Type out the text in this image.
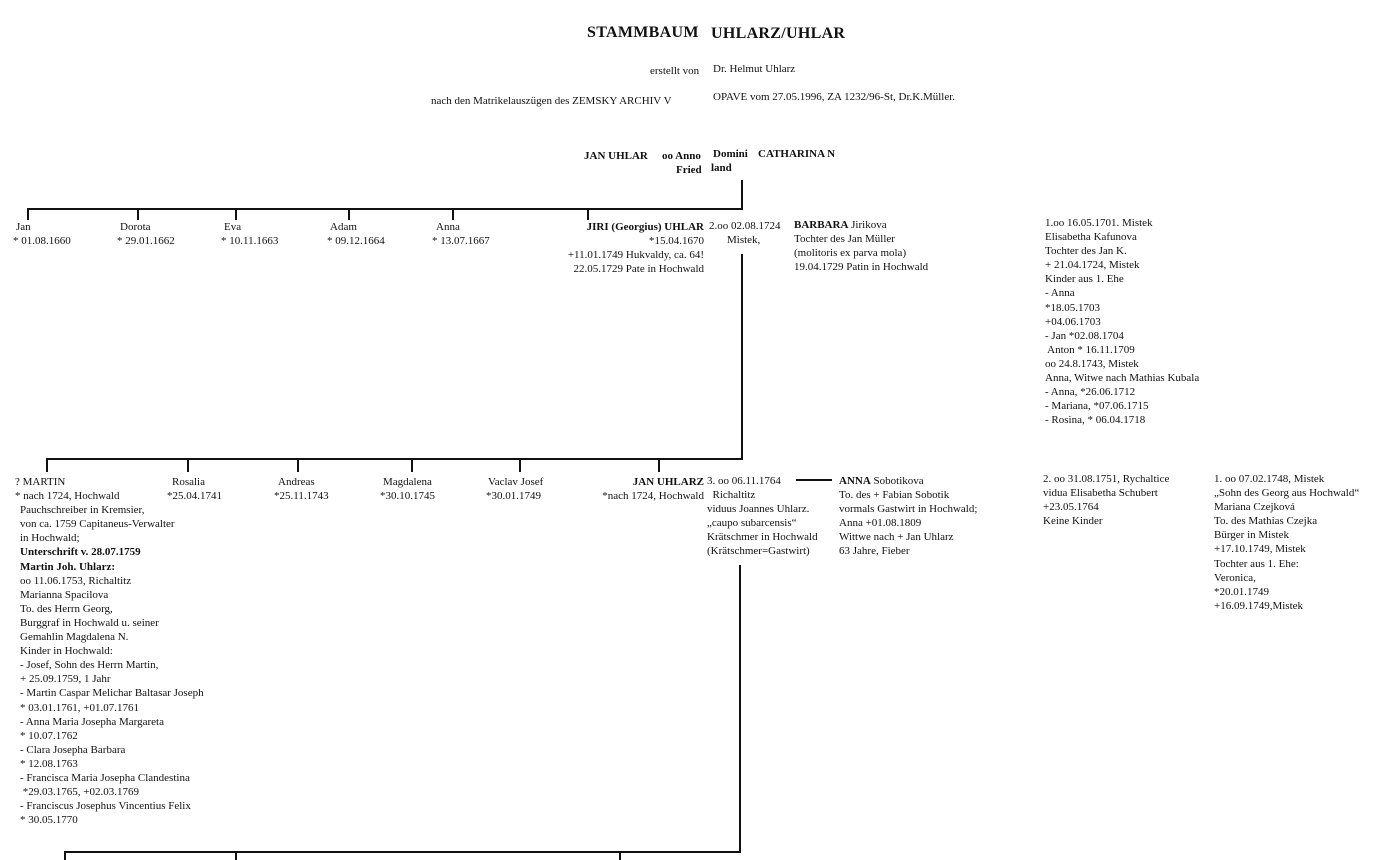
STAMMBAUM UHLARZ/UHLAR
erstellt von Dr. Helmut Uhlarz
nach den Matrikelauszügen des ZEMSKY ARCHIV V	OPAVE vom 27.05.1996, ZA 1232/96-St, Dr.K.Müller.
JAN UHLAR oo Anno Domini CATHARINA N
Fried land
Jan
* 01.08.1660
Dorota
* 29.01.1662
Eva
* 10.11.1663
Adam
* 09.12.1664
Anna
* 13.07.1667
JIRI (Georgius) UHLAR
*15.04.1670
+11.01.1749 Hukvaldy, ca. 64!
22.05.1729 Pate in Hochwald
2.oo 02.08.1724
Mistek,
BARBARA Jirikova
Tochter des Jan Müller
(molitoris ex parva mola)
19.04.1729 Patin in Hochwald
1.oo 16.05.1701. Mistek
Elisabetha Kafunova
Tochter des Jan K.
+ 21.04.1724, Mistek
Kinder aus 1. Ehe
- Anna
*18.05.1703
+04.06.1703
- Jan *02.08.1704
Anton * 16.11.1709
oo 24.8.1743, Mistek
Anna, Witwe nach Mathias Kubala
- Anna, *26.06.1712
- Mariana, *07.06.1715
- Rosina, * 06.04.1718
? MARTIN
* nach 1724, Hochwald
Pauchschreiber in Kremsier,
von ca. 1759 Capitaneus-Verwalter
in Hochwald;
Unterschrift v. 28.07.1759
Martin Joh. Uhlarz:
oo 11.06.1753, Richaltitz
Marianna Spacilova
To. des Herrn Georg,
Burggraf in Hochwald u. seiner
Gemahlin Magdalena N.
Kinder in Hochwald:
- Josef, Sohn des Herrn Martin,
+ 25.09.1759, 1 Jahr
- Martin Caspar Melichar Baltasar Joseph
* 03.01.1761, +01.07.1761
- Anna Maria Josepha Margareta
* 10.07.1762
- Clara Josepha Barbara
* 12.08.1763
- Francisca Maria Josepha Clandestina
*29.03.1765, +02.03.1769
- Franciscus Josephus Vincentius Felix
* 30.05.1770
Rosalia
*25.04.1741
Andreas
*25.11.1743
Magdalena
*30.10.1745
Vaclav Josef
*30.01.1749
JAN UHLARZ
*nach 1724, Hochwald
3. oo 06.11.1764
Richaltitz
viduus Joannes Uhlarz.
„caupo subarcensis“
Krätschmer in Hochwald
(Krätschmer=Gastwirt)
ANNA Sobotikova
To. des + Fabian Sobotik
vormals Gastwirt in Hochwald;
Anna +01.08.1809
Wittwe nach + Jan Uhlarz
63 Jahre, Fieber
2. oo 31.08.1751, Rychaltice
vidua Elisabetha Schubert
+23.05.1764
Keine Kinder
1. oo 07.02.1748, Mistek
„Sohn des Georg aus Hochwald“
Mariana Czejková
To. des Mathias Czejka
Bürger in Mistek
+17.10.1749, Mistek
Tochter aus 1. Ehe:
Veronica,
*20.01.1749
+16.09.1749,Mistek
